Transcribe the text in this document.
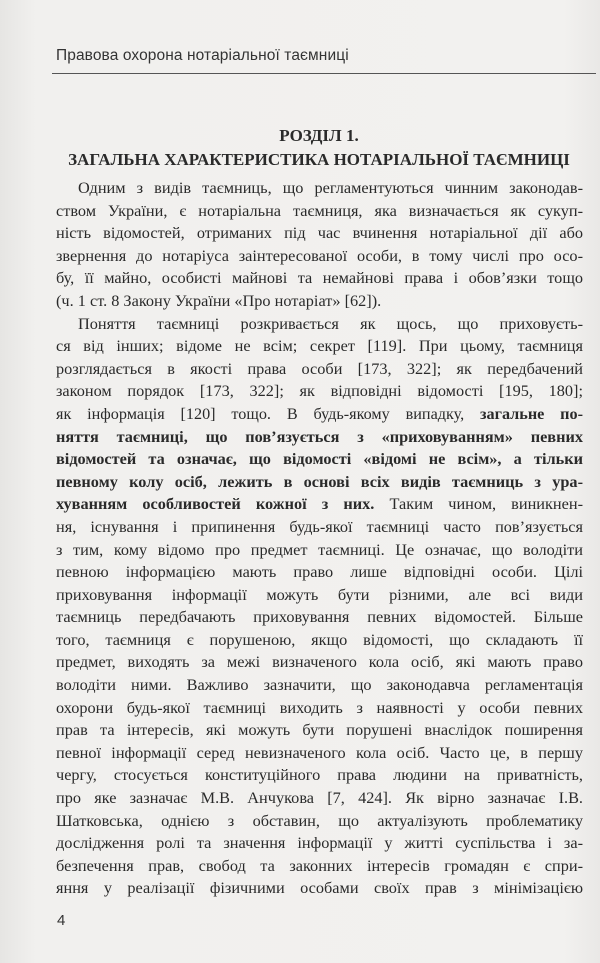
Правова охорона нотаріальної таємниці
РОЗДІЛ 1.
ЗАГАЛЬНА ХАРАКТЕРИСТИКА НОТАРІАЛЬНОЇ ТАЄМНИЦІ
Одним з видів таємниць, що регламентуються чинним законодав-
ством України, є нотаріальна таємниця, яка визначається як сукуп-
ність відомостей, отриманих під час вчинення нотаріальної дії або
звернення до нотаріуса заінтересованої особи, в тому числі про осо-
бу, її майно, особисті майнові та немайнові права і обов’язки тощо
(ч. 1 ст. 8 Закону України «Про нотаріат» [62]).
Поняття таємниці розкривається як щось, що приховуєть-
ся від інших; відоме не всім; секрет [119]. При цьому, таємниця
розглядається в якості права особи [173, 322]; як передбачений
законом порядок [173, 322]; як відповідні відомості [195, 180];
як інформація [120] тощо. В будь-якому випадку, загальне по-
няття таємниці, що пов’язується з «приховуванням» певних
відомостей та означає, що відомості «відомі не всім», а тільки
певному колу осіб, лежить в основі всіх видів таємниць з ура-
хуванням особливостей кожної з них. Таким чином, виникнен-
ня, існування і припинення будь-якої таємниці часто пов’язується
з тим, кому відомо про предмет таємниці. Це означає, що володіти
певною інформацією мають право лише відповідні особи. Цілі
приховування інформації можуть бути різними, але всі види
таємниць передбачають приховування певних відомостей. Більше
того, таємниця є порушеною, якщо відомості, що складають її
предмет, виходять за межі визначеного кола осіб, які мають право
володіти ними. Важливо зазначити, що законодавча регламентація
охорони будь-якої таємниці виходить з наявності у особи певних
прав та інтересів, які можуть бути порушені внаслідок поширення
певної інформації серед невизначеного кола осіб. Часто це, в першу
чергу, стосується конституційного права людини на приватність,
про яке зазначає М.В. Анчукова [7, 424]. Як вірно зазначає І.В.
Шатковська, однією з обставин, що актуалізують проблематику
дослідження ролі та значення інформації у житті суспільства і за-
безпечення прав, свобод та законних інтересів громадян є спри-
яння у реалізації фізичними особами своїх прав з мінімізацією
4
